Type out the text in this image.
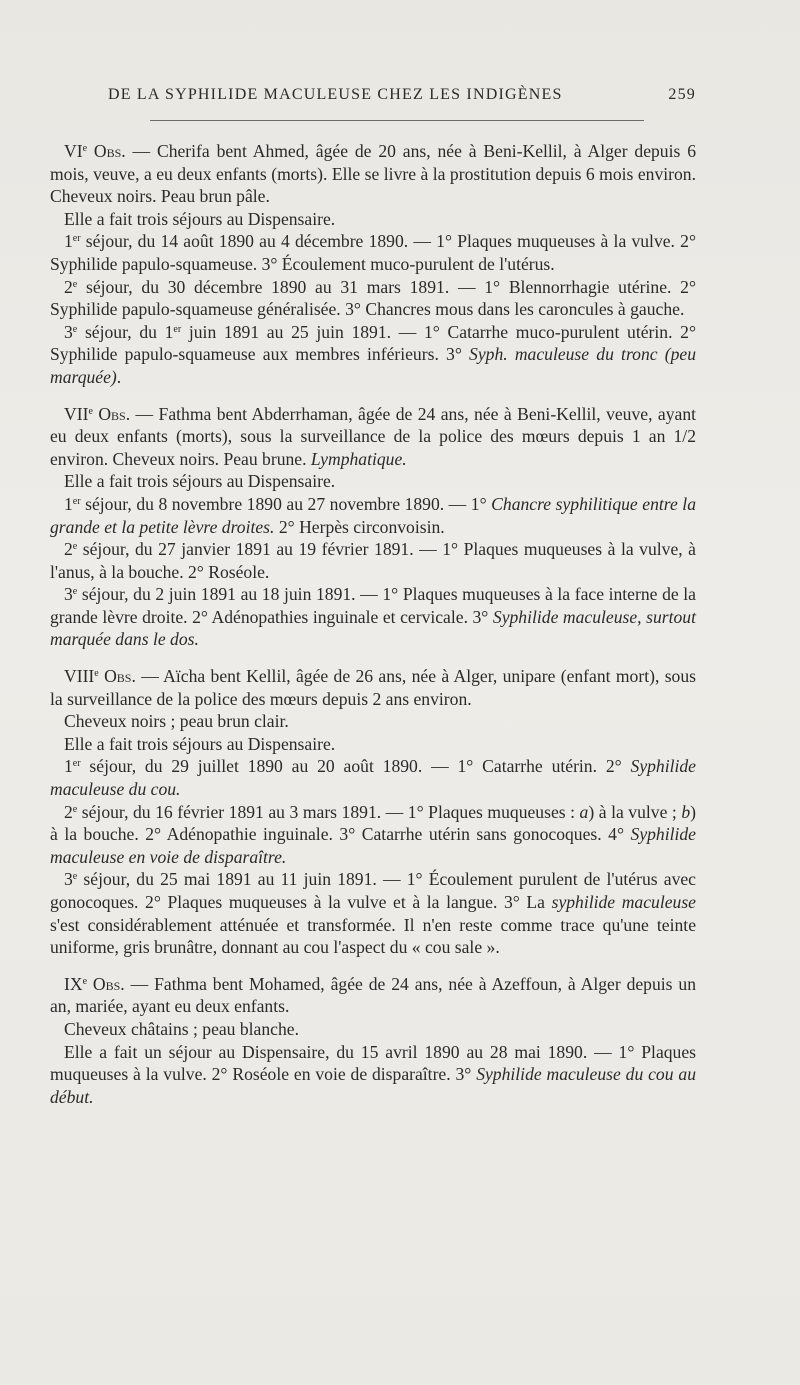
DE LA SYPHILIDE MACULEUSE CHEZ LES INDIGÈNES	259

VIe Obs. — Cherifa bent Ahmed, âgée de 20 ans, née à Beni-Kellil, à Alger depuis 6 mois, veuve, a eu deux enfants (morts). Elle se livre à la prostitution depuis 6 mois environ. Cheveux noirs. Peau brun pâle.

Elle a fait trois séjours au Dispensaire.

1er séjour, du 14 août 1890 au 4 décembre 1890. — 1° Plaques muqueuses à la vulve. 2° Syphilide papulo-squameuse. 3° Écoulement muco-purulent de l'utérus.

2e séjour, du 30 décembre 1890 au 31 mars 1891. — 1° Blennorrhagie utérine. 2° Syphilide papulo-squameuse généralisée. 3° Chancres mous dans les caroncules à gauche.

3e séjour, du 1er juin 1891 au 25 juin 1891. — 1° Catarrhe muco-purulent utérin. 2° Syphilide papulo-squameuse aux membres inférieurs. 3° Syph. maculeuse du tronc (peu marquée).

VIIe Obs. — Fathma bent Abderrhaman, âgée de 24 ans, née à Beni-Kellil, veuve, ayant eu deux enfants (morts), sous la surveillance de la police des mœurs depuis 1 an 1/2 environ. Cheveux noirs. Peau brune. Lymphatique.

Elle a fait trois séjours au Dispensaire.

1er séjour, du 8 novembre 1890 au 27 novembre 1890. — 1° Chancre syphilitique entre la grande et la petite lèvre droites. 2° Herpès circonvoisin.

2e séjour, du 27 janvier 1891 au 19 février 1891. — 1° Plaques muqueuses à la vulve, à l'anus, à la bouche. 2° Roséole.

3e séjour, du 2 juin 1891 au 18 juin 1891. — 1° Plaques muqueuses à la face interne de la grande lèvre droite. 2° Adénopathies inguinale et cervicale. 3° Syphilide maculeuse, surtout marquée dans le dos.

VIIIe Obs. — Aïcha bent Kellil, âgée de 26 ans, née à Alger, unipare (enfant mort), sous la surveillance de la police des mœurs depuis 2 ans environ.

Cheveux noirs ; peau brun clair.

Elle a fait trois séjours au Dispensaire.

1er séjour, du 29 juillet 1890 au 20 août 1890. — 1° Catarrhe utérin. 2° Syphilide maculeuse du cou.

2e séjour, du 16 février 1891 au 3 mars 1891. — 1° Plaques muqueuses : a) à la vulve ; b) à la bouche. 2° Adénopathie inguinale. 3° Catarrhe utérin sans gonocoques. 4° Syphilide maculeuse en voie de disparaître.

3e séjour, du 25 mai 1891 au 11 juin 1891. — 1° Écoulement purulent de l'utérus avec gonocoques. 2° Plaques muqueuses à la vulve et à la langue. 3° La syphilide maculeuse s'est considérablement atténuée et transformée. Il n'en reste comme trace qu'une teinte uniforme, gris brunâtre, donnant au cou l'aspect du « cou sale ».

IXe Obs. — Fathma bent Mohamed, âgée de 24 ans, née à Azeffoun, à Alger depuis un an, mariée, ayant eu deux enfants.

Cheveux châtains ; peau blanche.

Elle a fait un séjour au Dispensaire, du 15 avril 1890 au 28 mai 1890. — 1° Plaques muqueuses à la vulve. 2° Roséole en voie de disparaître. 3° Syphilide maculeuse du cou au début.
